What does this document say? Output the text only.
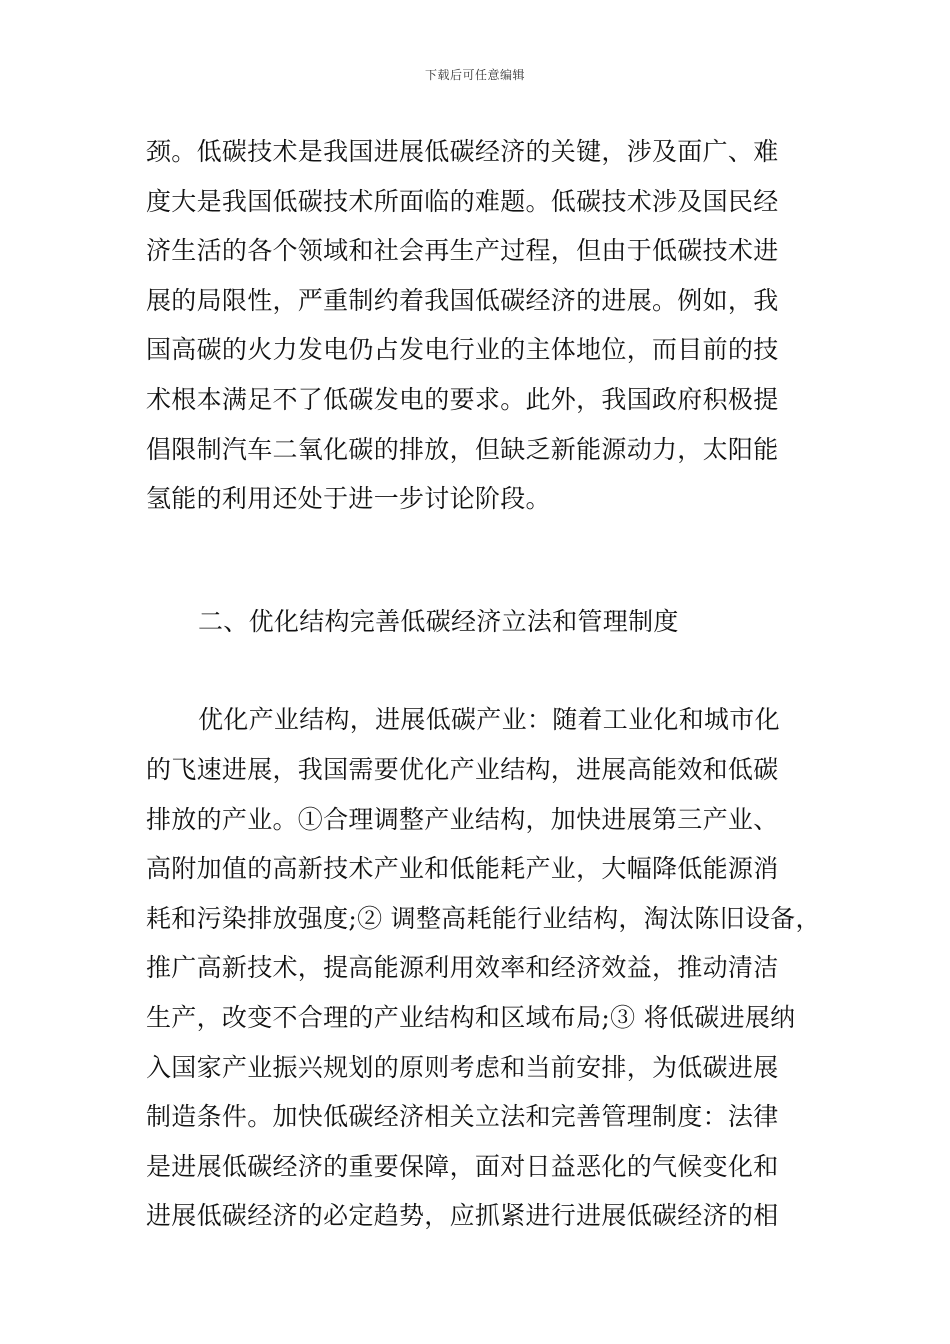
下载后可任意编辑
颈。低碳技术是我国进展低碳经济的关键，涉及面广、难
度大是我国低碳技术所面临的难题。低碳技术涉及国民经
济生活的各个领域和社会再生产过程，但由于低碳技术进
展的局限性，严重制约着我国低碳经济的进展。例如，我
国高碳的火力发电仍占发电行业的主体地位，而目前的技
术根本满足不了低碳发电的要求。此外，我国政府积极提
倡限制汽车二氧化碳的排放，但缺乏新能源动力，太阳能
氢能的利用还处于进一步讨论阶段。
二、优化结构完善低碳经济立法和管理制度
优化产业结构，进展低碳产业：随着工业化和城市化
的飞速进展，我国需要优化产业结构，进展高能效和低碳
排放的产业。①合理调整产业结构，加快进展第三产业、
高附加值的高新技术产业和低能耗产业，大幅降低能源消
耗和污染排放强度;② 调整高耗能行业结构，淘汰陈旧设备，
推广高新技术，提高能源利用效率和经济效益，推动清洁
生产，改变不合理的产业结构和区域布局;③ 将低碳进展纳
入国家产业振兴规划的原则考虑和当前安排，为低碳进展
制造条件。加快低碳经济相关立法和完善管理制度：法律
是进展低碳经济的重要保障，面对日益恶化的气候变化和
进展低碳经济的必定趋势，应抓紧进行进展低碳经济的相
